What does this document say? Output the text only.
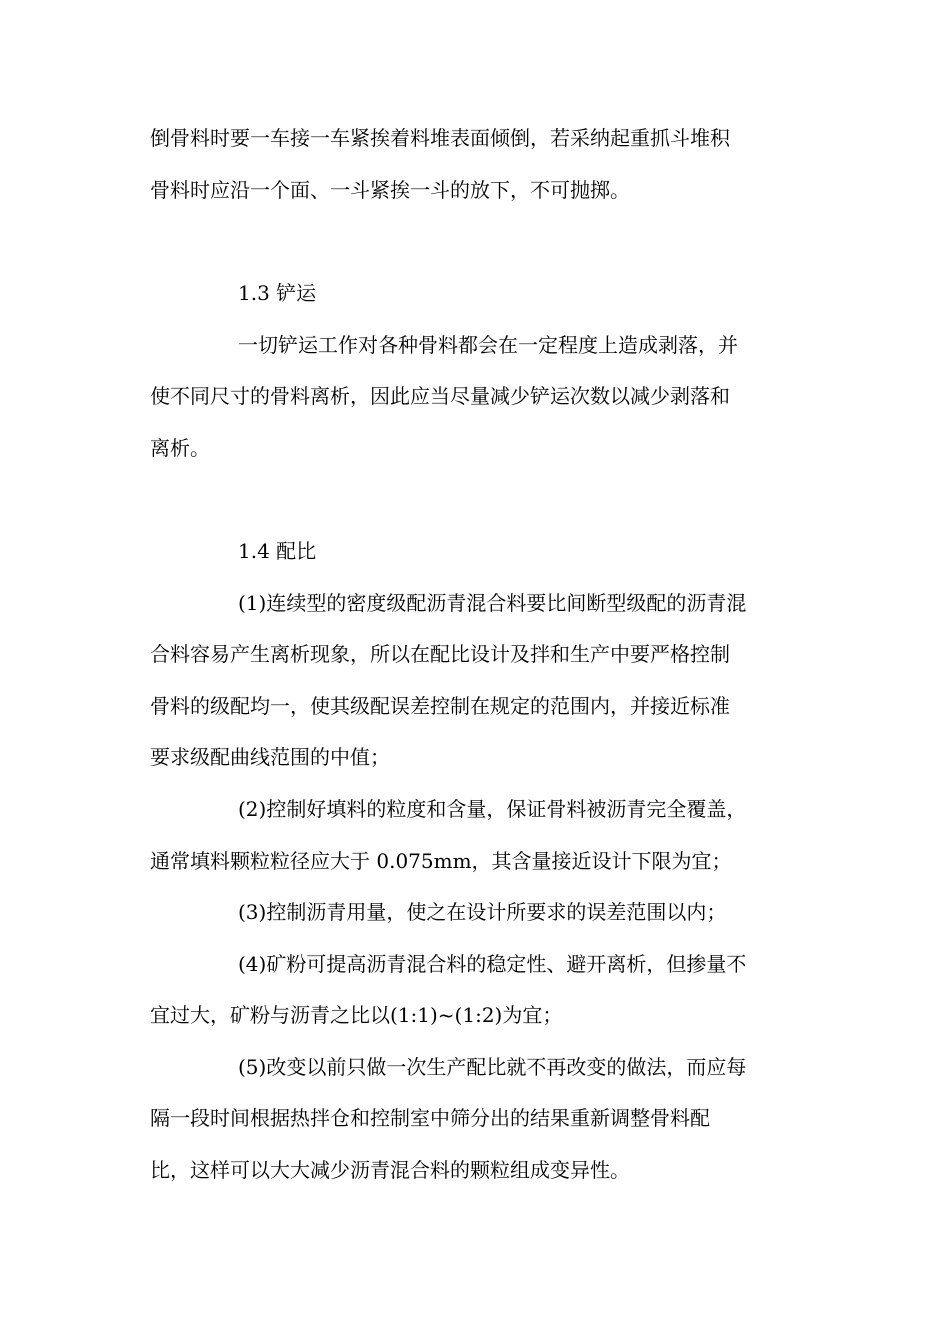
倒骨料时要一车接一车紧挨着料堆表面倾倒，若采纳起重抓斗堆积
骨料时应沿一个面、一斗紧挨一斗的放下，不可抛掷。
1.3 铲运
一切铲运工作对各种骨料都会在一定程度上造成剥落，并
使不同尺寸的骨料离析，因此应当尽量减少铲运次数以减少剥落和
离析。
1.4 配比
(1)连续型的密度级配沥青混合料要比间断型级配的沥青混
合料容易产生离析现象，所以在配比设计及拌和生产中要严格控制
骨料的级配均一，使其级配误差控制在规定的范围内，并接近标准
要求级配曲线范围的中值；
(2)控制好填料的粒度和含量，保证骨料被沥青完全覆盖，
通常填料颗粒粒径应大于 0.075mm，其含量接近设计下限为宜；
(3)控制沥青用量，使之在设计所要求的误差范围以内；
(4)矿粉可提高沥青混合料的稳定性、避开离析，但掺量不
宜过大，矿粉与沥青之比以(1:1)~(1:2)为宜；
(5)改变以前只做一次生产配比就不再改变的做法，而应每
隔一段时间根据热拌仓和控制室中筛分出的结果重新调整骨料配
比，这样可以大大减少沥青混合料的颗粒组成变异性。
